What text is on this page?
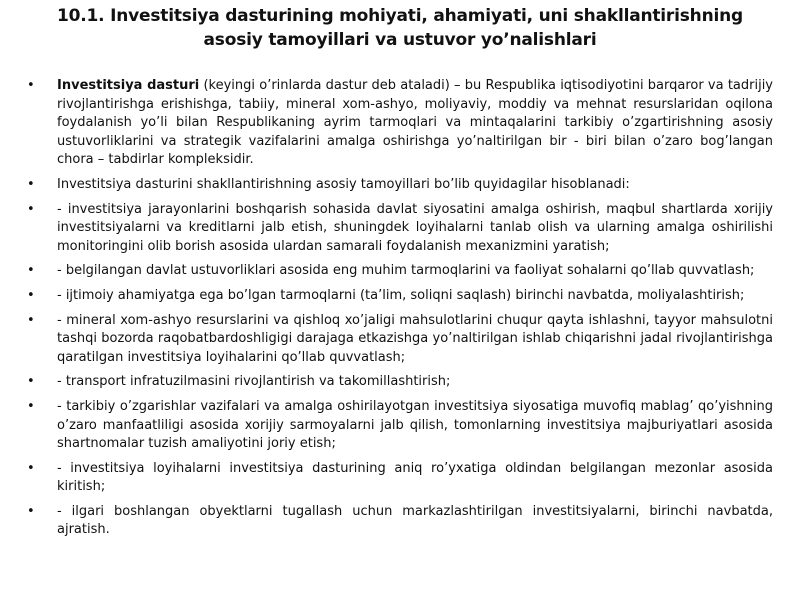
10.1. Investitsiya dasturining mohiyati, ahamiyati, uni shakllantirishning
asosiy tamoyillari va ustuvor yo’nalishlari
• Investitsiya dasturi (keyingi o’rinlarda dastur deb ataladi) – bu Respublika iqtisodiyotini barqaror va tadrijiy rivojlantirishga erishishga, tabiiy, mineral xom-ashyo, moliyaviy, moddiy va mehnat resurslaridan oqilona foydalanish yo’li bilan Respublikaning ayrim tarmoqlari va mintaqalarini tarkibiy o’zgartirishning asosiy ustuvorliklarini va strategik vazifalarini amalga oshirishga yo’naltirilgan bir - biri bilan o’zaro bog’langan chora – tabdirlar kompleksidir.
• Investitsiya dasturini shakllantirishning asosiy tamoyillari bo’lib quyidagilar hisoblanadi:
• - investitsiya jarayonlarini boshqarish sohasida davlat siyosatini amalga oshirish, maqbul shartlarda xorijiy investitsiyalarni va kreditlarni jalb etish, shuningdek loyihalarni tanlab olish va ularning amalga oshirilishi monitoringini olib borish asosida ulardan samarali foydalanish mexanizmini yaratish;
• - belgilangan davlat ustuvorliklari asosida eng muhim tarmoqlarini va faoliyat sohalarni qo’llab quvvatlash;
• - ijtimoiy ahamiyatga ega bo’lgan tarmoqlarni (ta’lim, soliqni saqlash) birinchi navbatda, moliyalashtirish;
• - mineral xom-ashyo resurslarini va qishloq xo’jaligi mahsulotlarini chuqur qayta ishlashni, tayyor mahsulotni tashqi bozorda raqobatbardoshligigi darajaga etkazishga yo’naltirilgan ishlab chiqarishni jadal rivojlantirishga qaratilgan investitsiya loyihalarini qo’llab quvvatlash;
• - transport infratuzilmasini rivojlantirish va takomillashtirish;
• - tarkibiy o’zgarishlar vazifalari va amalga oshirilayotgan investitsiya siyosatiga muvofiq mablag’ qo’yishning o’zaro manfaatliligi asosida xorijiy sarmoyalarni jalb qilish, tomonlarning investitsiya majburiyatlari asosida shartnomalar tuzish amaliyotini joriy etish;
• - investitsiya loyihalarni investitsiya dasturining aniq ro’yxatiga oldindan belgilangan mezonlar asosida kiritish;
• - ilgari boshlangan obyektlarni tugallash uchun markazlashtirilgan investitsiyalarni, birinchi navbatda, ajratish.
